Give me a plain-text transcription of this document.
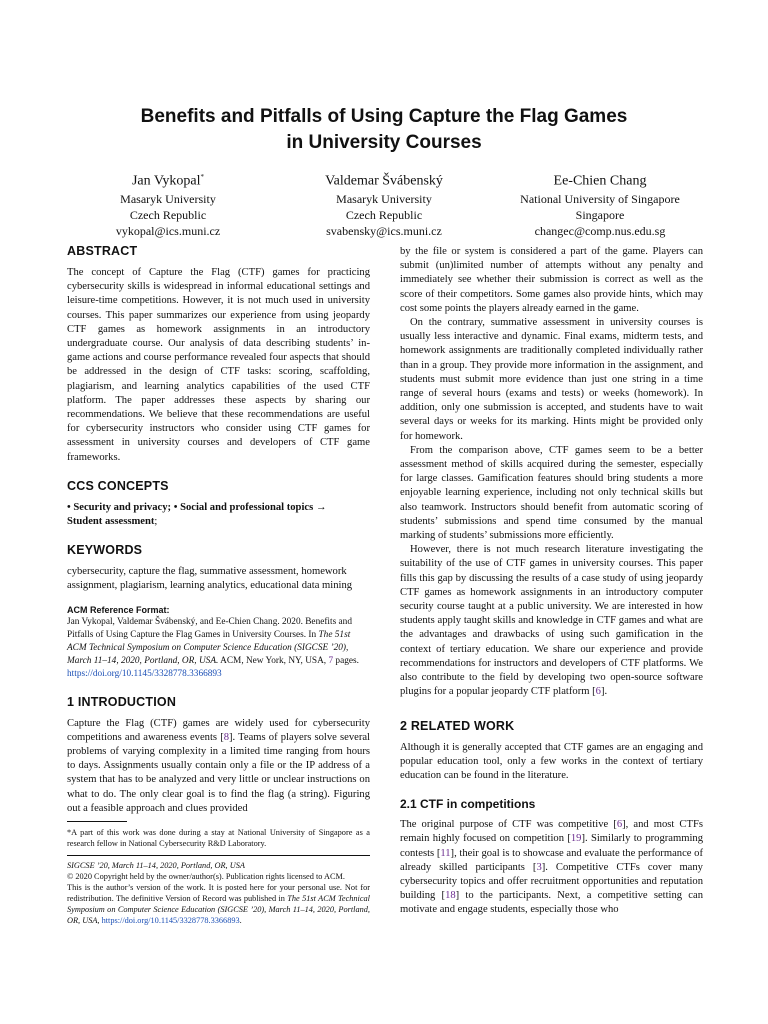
Benefits and Pitfalls of Using Capture the Flag Games
in University Courses
Jan Vykopal*
Masaryk University
Czech Republic
vykopal@ics.muni.cz
Valdemar Švábenský
Masaryk University
Czech Republic
svabensky@ics.muni.cz
Ee-Chien Chang
National University of Singapore
Singapore
changec@comp.nus.edu.sg
ABSTRACT

The concept of Capture the Flag (CTF) games for practicing cybersecurity skills is widespread in informal educational settings and leisure-time competitions. However, it is not much used in university courses. This paper summarizes our experience from using jeopardy CTF games as homework assignments in an introductory undergraduate course. Our analysis of data describing students’ in-game actions and course performance revealed four aspects that should be addressed in the design of CTF tasks: scoring, scaffolding, plagiarism, and learning analytics capabilities of the used CTF platform. The paper addresses these aspects by sharing our recommendations. We believe that these recommendations are useful for cybersecurity instructors who consider using CTF games for assessment in university courses and developers of CTF game frameworks.

CCS CONCEPTS

• Security and privacy; • Social and professional topics →
Student assessment;

KEYWORDS

cybersecurity, capture the flag, summative assessment, homework assignment, plagiarism, learning analytics, educational data mining

ACM Reference Format:

Jan Vykopal, Valdemar Švábenský, and Ee-Chien Chang. 2020. Benefits and Pitfalls of Using Capture the Flag Games in University Courses. In The 51st ACM Technical Symposium on Computer Science Education (SIGCSE ’20), March 11–14, 2020, Portland, OR, USA. ACM, New York, NY, USA, 7 pages.
https://doi.org/10.1145/3328778.3366893

1 INTRODUCTION

Capture the Flag (CTF) games are widely used for cybersecurity competitions and awareness events [8]. Teams of players solve several problems of varying complexity in a limited time ranging from hours to days. Assignments usually contain only a file or the IP address of a system that has to be analyzed and very little or unclear instructions on what to do. The only clear goal is to find the flag (a string). Figuring out a feasible approach and clues provided

*A part of this work was done during a stay at National University of Singapore as a research fellow in National Cybersecurity R&D Laboratory.

SIGCSE ’20, March 11–14, 2020, Portland, OR, USA
© 2020 Copyright held by the owner/author(s). Publication rights licensed to ACM.
This is the author’s version of the work. It is posted here for your personal use. Not for redistribution. The definitive Version of Record was published in The 51st ACM Technical Symposium on Computer Science Education (SIGCSE ’20), March 11–14, 2020, Portland, OR, USA, https://doi.org/10.1145/3328778.3366893.

by the file or system is considered a part of the game. Players can submit (un)limited number of attempts without any penalty and immediately see whether their submission is correct as well as the score of their competitors. Some games also provide hints, which may cost some points the players already earned in the game.

On the contrary, summative assessment in university courses is usually less interactive and dynamic. Final exams, midterm tests, and homework assignments are traditionally completed individually rather than in a group. They provide more information in the assignment, and students must submit more evidence than just one string in a time range of several hours (exams and tests) or weeks (homework). In addition, only one submission is accepted, and students have to wait several days or weeks for its marking. Hints might be provided only for homework.

From the comparison above, CTF games seem to be a better assessment method of skills acquired during the semester, especially for large classes. Gamification features should bring students a more enjoyable learning experience, including not only technical skills but also teamwork. Instructors should benefit from automatic scoring of students’ submissions and spend time consumed by the manual marking of students’ submissions more efficiently.

However, there is not much research literature investigating the suitability of the use of CTF games in university courses. This paper fills this gap by discussing the results of a case study of using jeopardy CTF games as homework assignments in an introductory computer security course taught at a public university. We are interested in how students apply taught skills and knowledge in CTF games and what are the advantages and drawbacks of using such gamification in the context of tertiary education. We share our experience and provide recommendations for instructors and developers of CTF platforms. We also contribute to the field by developing two open-source software plugins for a popular jeopardy CTF platform [6].

2 RELATED WORK

Although it is generally accepted that CTF games are an engaging and popular education tool, only a few works in the context of tertiary education can be found in the literature.

2.1 CTF in competitions

The original purpose of CTF was competitive [6], and most CTFs remain highly focused on competition [19]. Similarly to programming contests [11], their goal is to showcase and evaluate the performance of already skilled participants [3]. Competitive CTFs cover many cybersecurity topics and offer recruitment opportunities and reputation building [18] to the participants. Next, a competitive setting can motivate and engage students, especially those who
